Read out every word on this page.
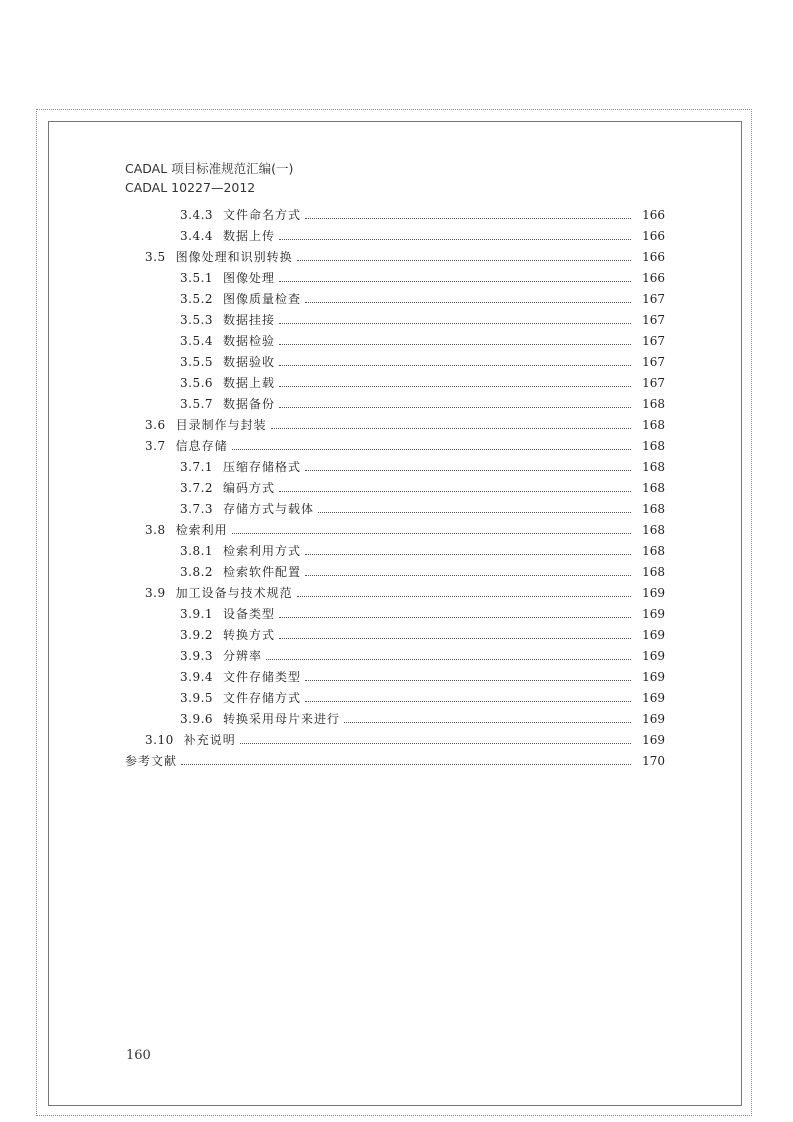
CADAL 项目标准规范汇编(一)
CADAL 10227—2012
3.4.3 文件命名方式	166
3.4.4 数据上传	166
3.5 图像处理和识别转换	166
3.5.1 图像处理	166
3.5.2 图像质量检查	167
3.5.3 数据挂接	167
3.5.4 数据检验	167
3.5.5 数据验收	167
3.5.6 数据上载	167
3.5.7 数据备份	168
3.6 目录制作与封装	168
3.7 信息存储	168
3.7.1 压缩存储格式	168
3.7.2 编码方式	168
3.7.3 存储方式与载体	168
3.8 检索利用	168
3.8.1 检索利用方式	168
3.8.2 检索软件配置	168
3.9 加工设备与技术规范	169
3.9.1 设备类型	169
3.9.2 转换方式	169
3.9.3 分辨率	169
3.9.4 文件存储类型	169
3.9.5 文件存储方式	169
3.9.6 转换采用母片来进行	169
3.10 补充说明	169
参考文献	170
160
